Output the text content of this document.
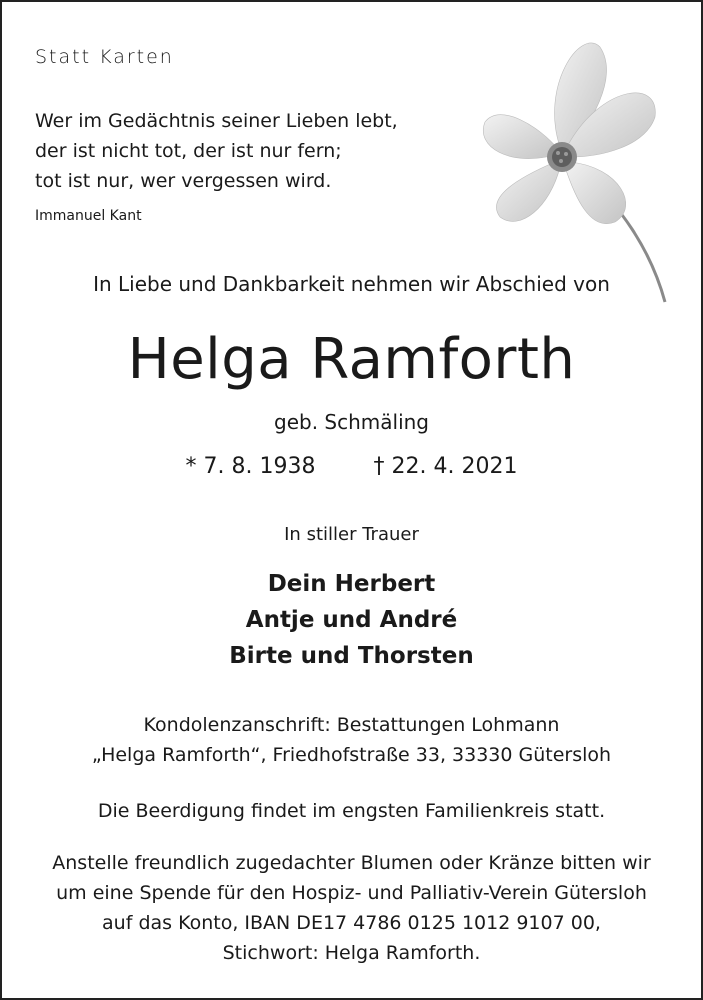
Statt Karten
Wer im Gedächtnis seiner Lieben lebt,
der ist nicht tot, der ist nur fern;
tot ist nur, wer vergessen wird.
Immanuel Kant
In Liebe und Dankbarkeit nehmen wir Abschied von
Helga Ramforth
geb. Schmäling
* 7. 8. 1938	† 22. 4. 2021
In stiller Trauer
Dein Herbert
Antje und André
Birte und Thorsten
Kondolenzanschrift: Bestattungen Lohmann
„Helga Ramforth“, Friedhofstraße 33, 33330 Gütersloh
Die Beerdigung findet im engsten Familienkreis statt.
Anstelle freundlich zugedachter Blumen oder Kränze bitten wir
um eine Spende für den Hospiz- und Palliativ-Verein Gütersloh
auf das Konto, IBAN DE17 4786 0125 1012 9107 00,
Stichwort: Helga Ramforth.
